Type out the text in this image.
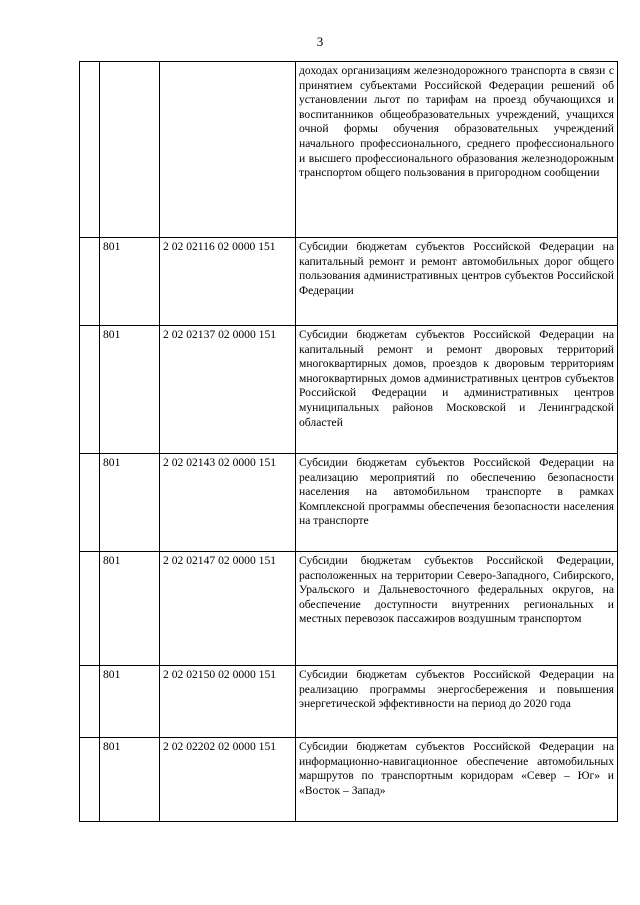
3
			доходах организациям железнодорожного транспорта в связи с принятием субъектами Российской Федерации решений об установлении льгот по тарифам на проезд обучающихся и воспитанников общеобразовательных учреждений, учащихся очной формы обучения образовательных учреждений начального профессионального, среднего профессионального и высшего профессионального образования железнодорожным транспортом общего пользования в пригородном сообщении
	801	2 02 02116 02 0000 151	Субсидии бюджетам субъектов Российской Федерации на капитальный ремонт и ремонт автомобильных дорог общего пользования административных центров субъектов Российской Федерации
	801	2 02 02137 02 0000 151	Субсидии бюджетам субъектов Российской Федерации на капитальный ремонт и ремонт дворовых территорий многоквартирных домов, проездов к дворовым территориям многоквартирных домов административных центров субъектов Российской Федерации и административных центров муниципальных районов Московской и Ленинградской областей
	801	2 02 02143 02 0000 151	Субсидии бюджетам субъектов Российской Федерации на реализацию мероприятий по обеспечению безопасности населения на автомобильном транспорте в рамках Комплексной программы обеспечения безопасности населения на транспорте
	801	2 02 02147 02 0000 151	Субсидии бюджетам субъектов Российской Федерации, расположенных на территории Северо-Западного, Сибирского, Уральского и Дальневосточного федеральных округов, на обеспечение доступности внутренних региональных и местных перевозок пассажиров воздушным транспортом
	801	2 02 02150 02 0000 151	Субсидии бюджетам субъектов Российской Федерации на реализацию программы энергосбережения и повышения энергетической эффективности на период до 2020 года
	801	2 02 02202 02 0000 151	Субсидии бюджетам субъектов Российской Федерации на информационно-навигационное обеспечение автомобильных маршрутов по транспортным коридорам «Север – Юг» и «Восток – Запад»
